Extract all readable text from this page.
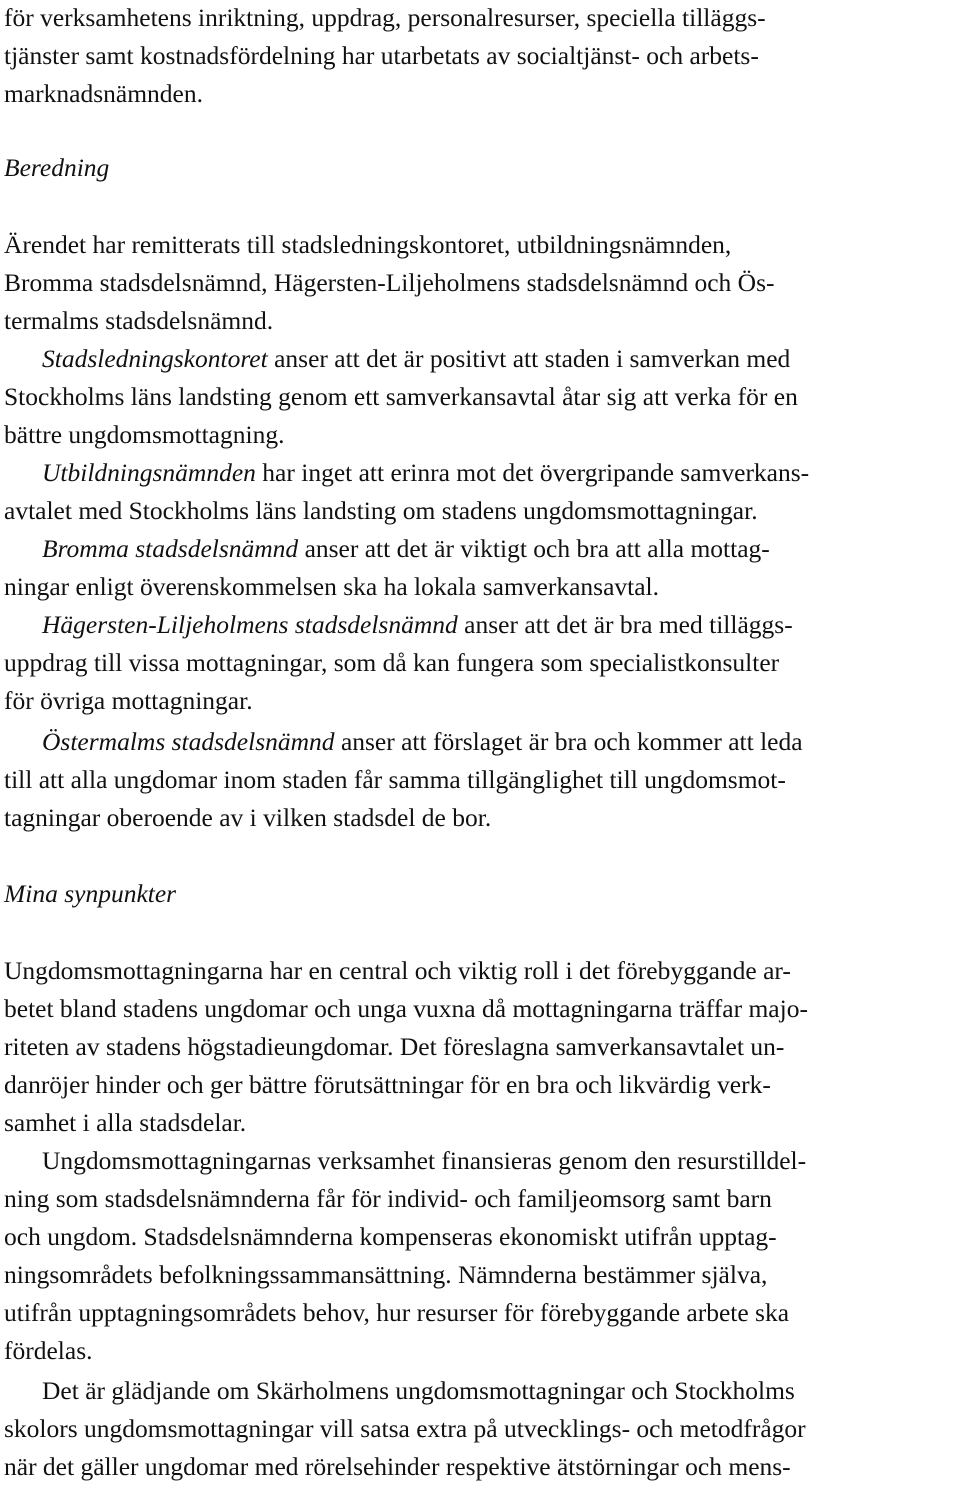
för verksamhetens inriktning, uppdrag, personalresurser, speciella tilläggs-
tjänster samt kostnadsfördelning har utarbetats av socialtjänst- och arbets-
marknadsnämnden.
Beredning
Ärendet har remitterats till stadsledningskontoret, utbildningsnämnden,
Bromma stadsdelsnämnd, Hägersten-Liljeholmens stadsdelsnämnd och Ös-
termalms stadsdelsnämnd.
Stadsledningskontoret anser att det är positivt att staden i samverkan med
Stockholms läns landsting genom ett samverkansavtal åtar sig att verka för en
bättre ungdomsmottagning.
Utbildningsnämnden har inget att erinra mot det övergripande samverkans-
avtalet med Stockholms läns landsting om stadens ungdomsmottagningar.
Bromma stadsdelsnämnd anser att det är viktigt och bra att alla mottag-
ningar enligt överenskommelsen ska ha lokala samverkansavtal.
Hägersten-Liljeholmens stadsdelsnämnd anser att det är bra med tilläggs-
uppdrag till vissa mottagningar, som då kan fungera som specialistkonsulter
för övriga mottagningar.
Östermalms stadsdelsnämnd anser att förslaget är bra och kommer att leda
till att alla ungdomar inom staden får samma tillgänglighet till ungdomsmot-
tagningar oberoende av i vilken stadsdel de bor.
Mina synpunkter
Ungdomsmottagningarna har en central och viktig roll i det förebyggande ar-
betet bland stadens ungdomar och unga vuxna då mottagningarna träffar majo-
riteten av stadens högstadieungdomar. Det föreslagna samverkansavtalet un-
danröjer hinder och ger bättre förutsättningar för en bra och likvärdig verk-
samhet i alla stadsdelar.
Ungdomsmottagningarnas verksamhet finansieras genom den resurstilldel-
ning som stadsdelsnämnderna får för individ- och familjeomsorg samt barn
och ungdom. Stadsdelsnämnderna kompenseras ekonomiskt utifrån upptag-
ningsområdets befolkningssammansättning. Nämnderna bestämmer själva,
utifrån upptagningsområdets behov, hur resurser för förebyggande arbete ska
fördelas.
Det är glädjande om Skärholmens ungdomsmottagningar och Stockholms
skolors ungdomsmottagningar vill satsa extra på utvecklings- och metodfrågor
när det gäller ungdomar med rörelsehinder respektive ätstörningar och mens-
